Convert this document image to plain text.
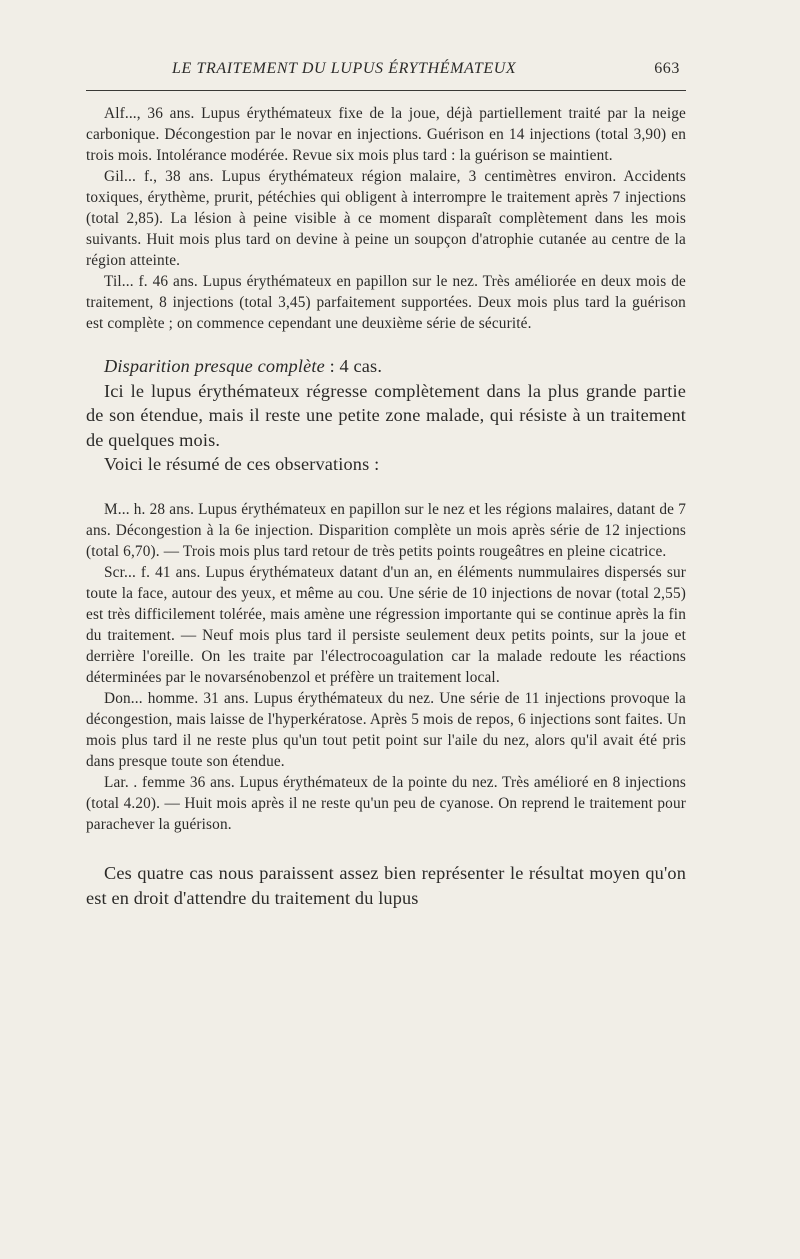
LE TRAITEMENT DU LUPUS ÉRYTHÉMATEUX	663

Alf..., 36 ans. Lupus érythémateux fixe de la joue, déjà partiellement traité par la neige carbonique. Décongestion par le novar en injections. Guérison en 14 injections (total 3,90) en trois mois. Intolérance modérée. Revue six mois plus tard : la guérison se maintient.

Gil... f., 38 ans. Lupus érythémateux région malaire, 3 centimètres environ. Accidents toxiques, érythème, prurit, pétéchies qui obligent à interrompre le traitement après 7 injections (total 2,85). La lésion à peine visible à ce moment disparaît complètement dans les mois suivants. Huit mois plus tard on devine à peine un soupçon d'atrophie cutanée au centre de la région atteinte.

Til... f. 46 ans. Lupus érythémateux en papillon sur le nez. Très améliorée en deux mois de traitement, 8 injections (total 3,45) parfaitement supportées. Deux mois plus tard la guérison est complète ; on commence cependant une deuxième série de sécurité.

Disparition presque complète : 4 cas.

Ici le lupus érythémateux régresse complètement dans la plus grande partie de son étendue, mais il reste une petite zone malade, qui résiste à un traitement de quelques mois.

Voici le résumé de ces observations :

M... h. 28 ans. Lupus érythémateux en papillon sur le nez et les régions malaires, datant de 7 ans. Décongestion à la 6e injection. Disparition complète un mois après série de 12 injections (total 6,70). — Trois mois plus tard retour de très petits points rougeâtres en pleine cicatrice.

Scr... f. 41 ans. Lupus érythémateux datant d'un an, en éléments nummulaires dispersés sur toute la face, autour des yeux, et même au cou. Une série de 10 injections de novar (total 2,55) est très difficilement tolérée, mais amène une régression importante qui se continue après la fin du traitement. — Neuf mois plus tard il persiste seulement deux petits points, sur la joue et derrière l'oreille. On les traite par l'électrocoagulation car la malade redoute les réactions déterminées par le novarsénobenzol et préfère un traitement local.

Don... homme. 31 ans. Lupus érythémateux du nez. Une série de 11 injections provoque la décongestion, mais laisse de l'hyperkératose. Après 5 mois de repos, 6 injections sont faites. Un mois plus tard il ne reste plus qu'un tout petit point sur l'aile du nez, alors qu'il avait été pris dans presque toute son étendue.

Lar. . femme 36 ans. Lupus érythémateux de la pointe du nez. Très amélioré en 8 injections (total 4.20). — Huit mois après il ne reste qu'un peu de cyanose. On reprend le traitement pour parachever la guérison.

Ces quatre cas nous paraissent assez bien représenter le résultat moyen qu'on est en droit d'attendre du traitement du lupus
